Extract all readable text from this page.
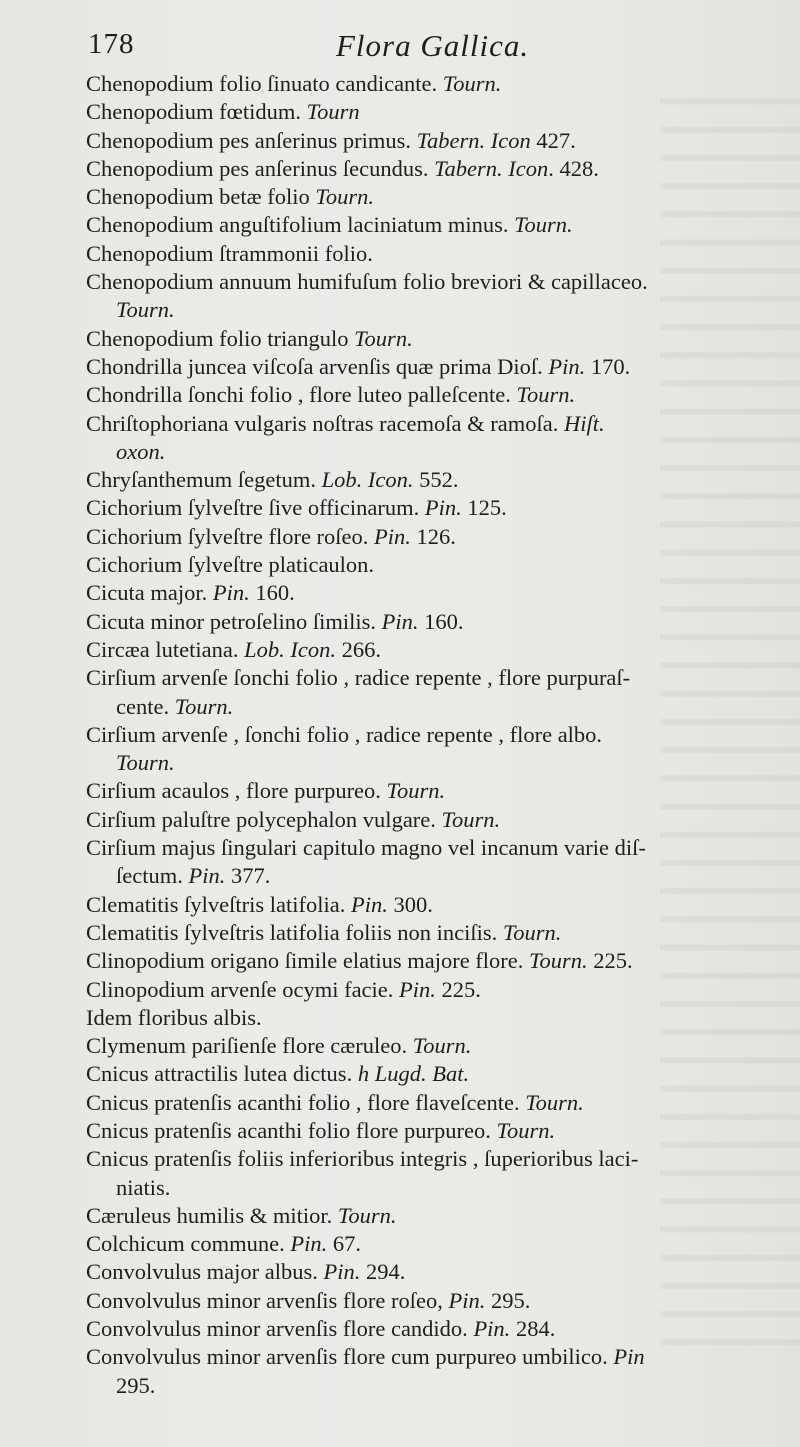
178	Flora Gallica.
Chenopodium folio ſinuato candicante. Tourn.
Chenopodium fœtidum. Tourn
Chenopodium pes anſerinus primus. Tabern. Icon 427.
Chenopodium pes anſerinus ſecundus. Tabern. Icon. 428.
Chenopodium betæ folio Tourn.
Chenopodium anguſtifolium laciniatum minus. Tourn.
Chenopodium ſtrammonii folio.
Chenopodium annuum humifuſum folio breviori & capillaceo.
Tourn.
Chenopodium folio triangulo Tourn.
Chondrilla juncea viſcoſa arvenſis quæ prima Dioſ. Pin. 170.
Chondrilla ſonchi folio , flore luteo palleſcente. Tourn.
Chriſtophoriana vulgaris noſtras racemoſa & ramoſa. Hiſt.
oxon.
Chryſanthemum ſegetum. Lob. Icon. 552.
Cichorium ſylveſtre ſive officinarum. Pin. 125.
Cichorium ſylveſtre flore roſeo. Pin. 126.
Cichorium ſylveſtre platicaulon.
Cicuta major. Pin. 160.
Cicuta minor petroſelino ſimilis. Pin. 160.
Circæa lutetiana. Lob. Icon. 266.
Cirſium arvenſe ſonchi folio , radice repente , flore purpuraſ-
cente. Tourn.
Cirſium arvenſe , ſonchi folio , radice repente , flore albo.
Tourn.
Cirſium acaulos , flore purpureo. Tourn.
Cirſium paluſtre polycephalon vulgare. Tourn.
Cirſium majus ſingulari capitulo magno vel incanum varie diſ-
ſectum. Pin. 377.
Clematitis ſylveſtris latifolia. Pin. 300.
Clematitis ſylveſtris latifolia foliis non inciſis. Tourn.
Clinopodium origano ſimile elatius majore flore. Tourn. 225.
Clinopodium arvenſe ocymi facie. Pin. 225.
Idem floribus albis.
Clymenum pariſienſe flore cæruleo. Tourn.
Cnicus attractilis lutea dictus. h Lugd. Bat.
Cnicus pratenſis acanthi folio , flore flaveſcente. Tourn.
Cnicus pratenſis acanthi folio flore purpureo. Tourn.
Cnicus pratenſis foliis inferioribus integris , ſuperioribus laci-
niatis.
Cæruleus humilis & mitior. Tourn.
Colchicum commune. Pin. 67.
Convolvulus major albus. Pin. 294.
Convolvulus minor arvenſis flore roſeo, Pin. 295.
Convolvulus minor arvenſis flore candido. Pin. 284.
Convolvulus minor arvenſis flore cum purpureo umbilico. Pin
295.
